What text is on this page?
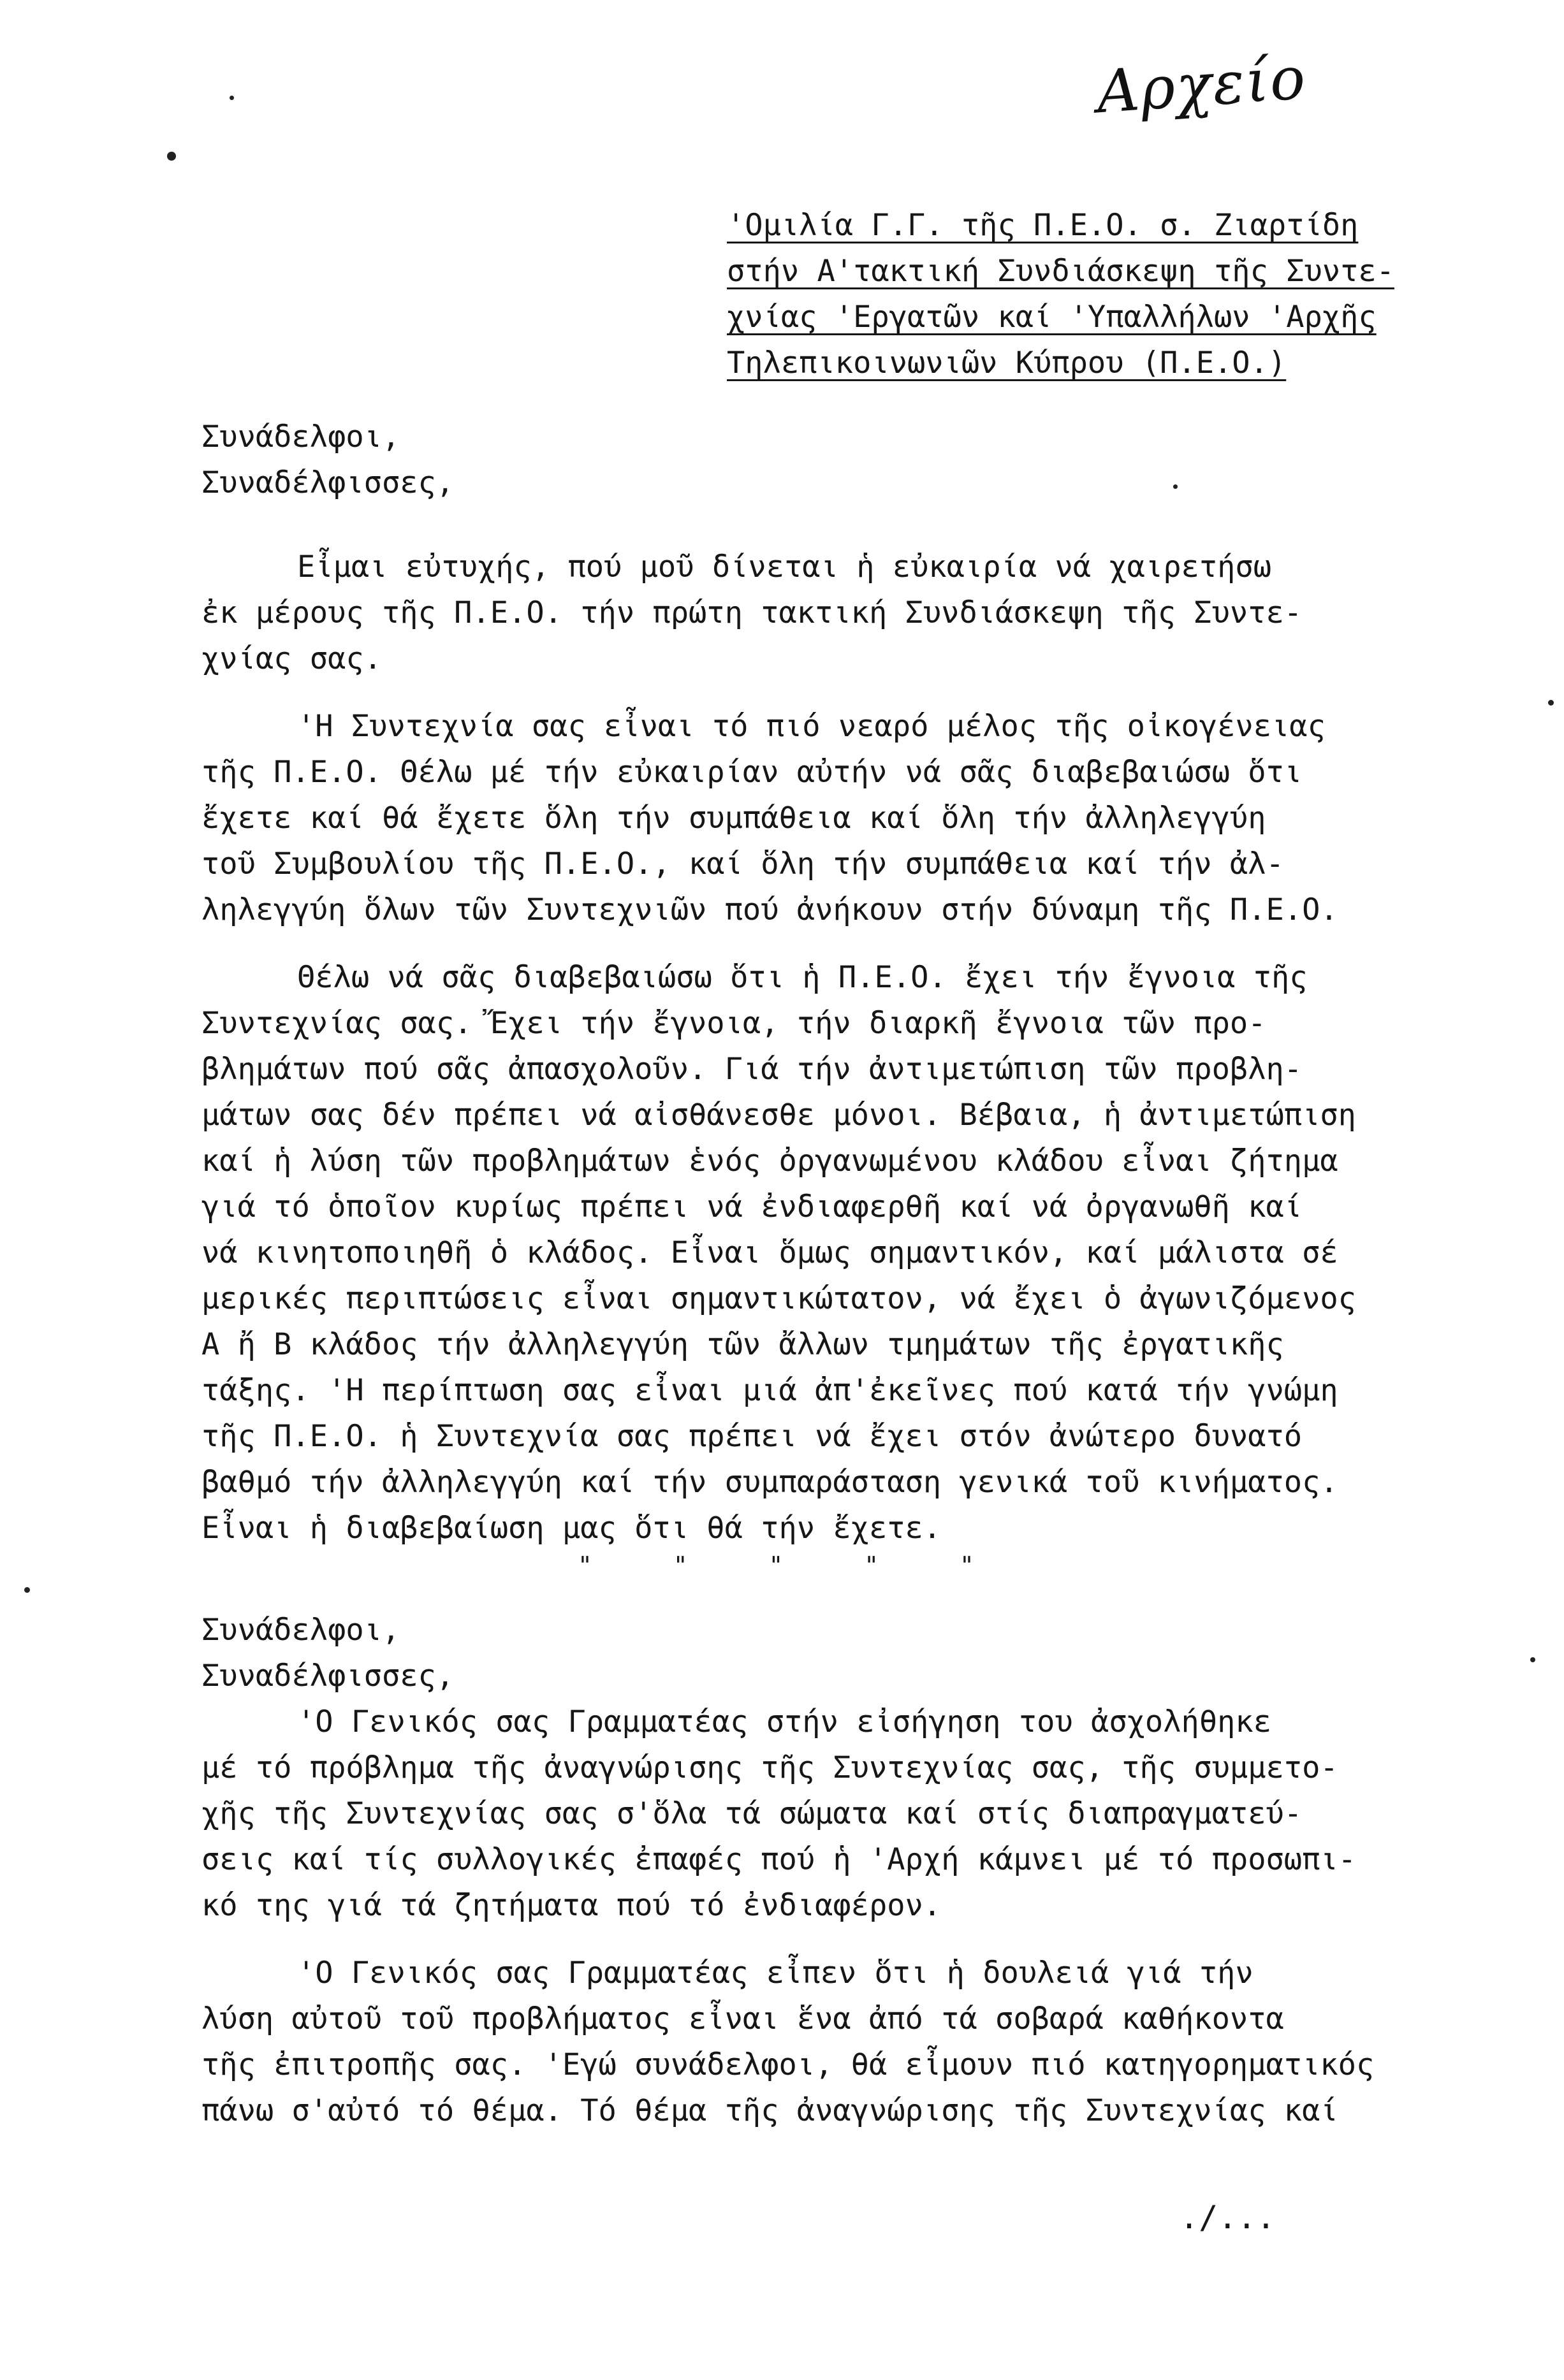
Αρχείο
'Ομιλία Γ.Γ. τῆς Π.Ε.Ο. σ. Ζιαρτίδη
στήν Α'τακτική Συνδιάσκεψη τῆς Συντε-
χνίας 'Εργατῶν καί 'Υπαλλήλων 'Αρχῆς
Τηλεπικοινωνιῶν Κύπρου (Π.Ε.Ο.)
Συνάδελφοι,
Συναδέλφισσες,
Εἶμαι εὐτυχής, πού μοῦ δίνεται ἡ εὐκαιρία νά χαιρετήσω
ἐκ μέρους τῆς Π.Ε.Ο. τήν πρώτη τακτική Συνδιάσκεψη τῆς Συντε-
χνίας σας.
'Η Συντεχνία σας εἶναι τό πιό νεαρό μέλος τῆς οἰκογένειας
τῆς Π.Ε.Ο. Θέλω μέ τήν εὐκαιρίαν αὐτήν νά σᾶς διαβεβαιώσω ὅτι
ἔχετε καί θά ἔχετε ὅλη τήν συμπάθεια καί ὅλη τήν ἀλληλεγγύη
τοῦ Συμβουλίου τῆς Π.Ε.Ο., καί ὅλη τήν συμπάθεια καί τήν ἀλ-
ληλεγγύη ὅλων τῶν Συντεχνιῶν πού ἀνήκουν στήν δύναμη τῆς Π.Ε.Ο.
Θέλω νά σᾶς διαβεβαιώσω ὅτι ἡ Π.Ε.Ο. ἔχει τήν ἔγνοια τῆς
Συντεχνίας σας. Ἔχει τήν ἔγνοια, τήν διαρκῆ ἔγνοια τῶν προ-
βλημάτων πού σᾶς ἀπασχολοῦν. Γιά τήν ἀντιμετώπιση τῶν προβλη-
μάτων σας δέν πρέπει νά αἰσθάνεσθε μόνοι. Βέβαια, ἡ ἀντιμετώπιση
καί ἡ λύση τῶν προβλημάτων ἑνός ὀργανωμένου κλάδου εἶναι ζήτημα
γιά τό ὁποῖον κυρίως πρέπει νά ἐνδιαφερθῆ καί νά ὀργανωθῆ καί
νά κινητοποιηθῆ ὁ κλάδος. Εἶναι ὅμως σημαντικόν, καί μάλιστα σέ
μερικές περιπτώσεις εἶναι σημαντικώτατον, νά ἔχει ὁ ἀγωνιζόμενος
Α ἤ Β κλάδος τήν ἀλληλεγγύη τῶν ἄλλων τμημάτων τῆς ἐργατικῆς
τάξης. 'Η περίπτωση σας εἶναι μιά ἀπ'ἐκεῖνες πού κατά τήν γνώμη
τῆς Π.Ε.Ο. ἡ Συντεχνία σας πρέπει νά ἔχει στόν ἀνώτερο δυνατό
βαθμό τήν ἀλληλεγγύη καί τήν συμπαράσταση γενικά τοῦ κινήματος.
Εἶναι ἡ διαβεβαίωση μας ὅτι θά τήν ἔχετε.
" " " " "
Συνάδελφοι,
Συναδέλφισσες,
'Ο Γενικός σας Γραμματέας στήν εἰσήγηση του ἀσχολήθηκε
μέ τό πρόβλημα τῆς ἀναγνώρισης τῆς Συντεχνίας σας, τῆς συμμετο-
χῆς τῆς Συντεχνίας σας σ'ὅλα τά σώματα καί στίς διαπραγματεύ-
σεις καί τίς συλλογικές ἐπαφές πού ἡ 'Αρχή κάμνει μέ τό προσωπι-
κό της γιά τά ζητήματα πού τό ἐνδιαφέρον.
'Ο Γενικός σας Γραμματέας εἶπεν ὅτι ἡ δουλειά γιά τήν
λύση αὐτοῦ τοῦ προβλήματος εἶναι ἕνα ἀπό τά σοβαρά καθήκοντα
τῆς ἐπιτροπῆς σας. 'Εγώ συνάδελφοι, θά εἶμουν πιό κατηγορηματικός
πάνω σ'αὐτό τό θέμα. Τό θέμα τῆς ἀναγνώρισης τῆς Συντεχνίας καί
./...
